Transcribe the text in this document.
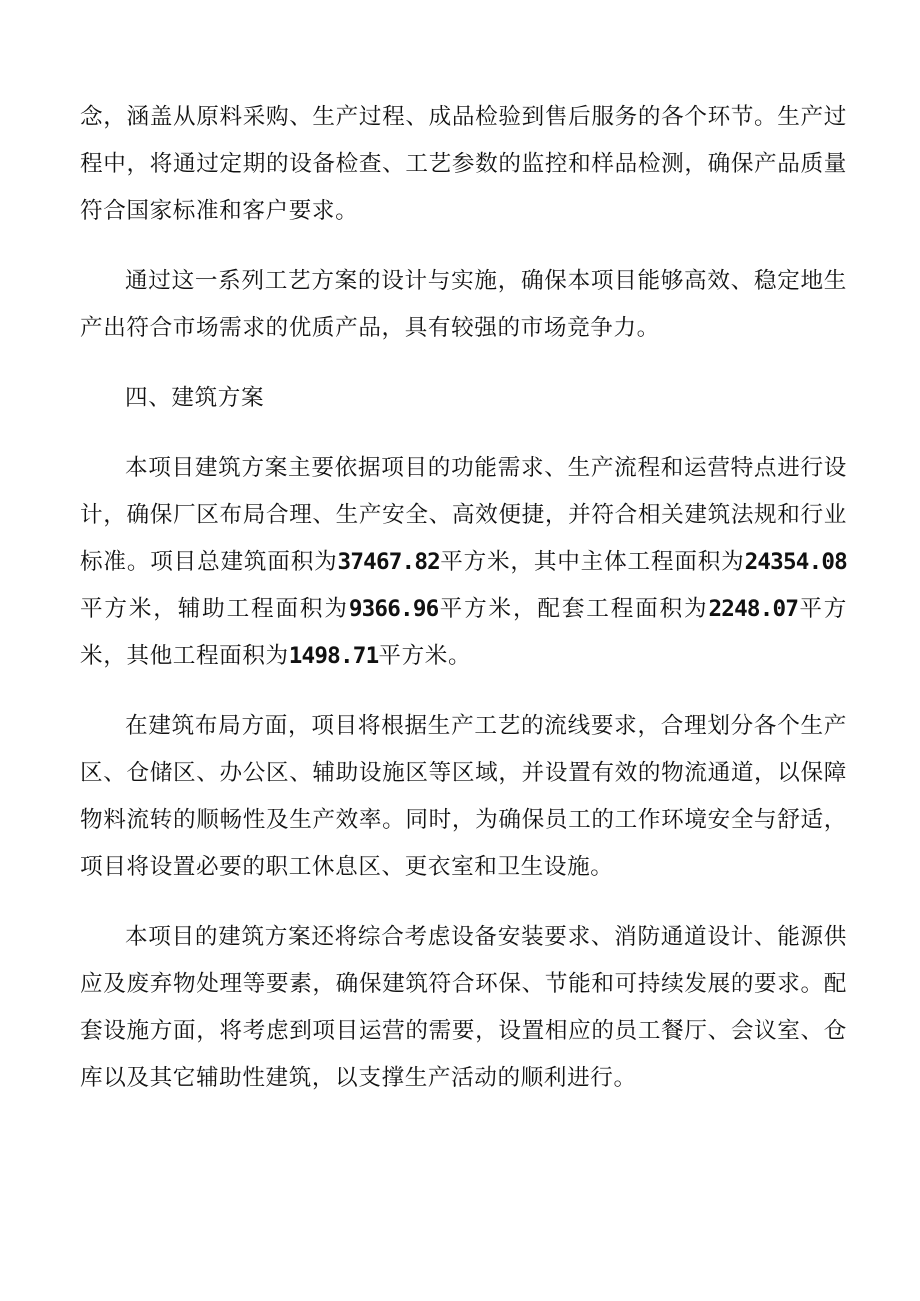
念，涵盖从原料采购、生产过程、成品检验到售后服务的各个环节。生产过程中，将通过定期的设备检查、工艺参数的监控和样品检测，确保产品质量符合国家标准和客户要求。

通过这一系列工艺方案的设计与实施，确保本项目能够高效、稳定地生产出符合市场需求的优质产品，具有较强的市场竞争力。

四、建筑方案

本项目建筑方案主要依据项目的功能需求、生产流程和运营特点进行设计，确保厂区布局合理、生产安全、高效便捷，并符合相关建筑法规和行业标准。项目总建筑面积为37467.82平方米，其中主体工程面积为24354.08平方米，辅助工程面积为9366.96平方米，配套工程面积为2248.07平方米，其他工程面积为1498.71平方米。

在建筑布局方面，项目将根据生产工艺的流线要求，合理划分各个生产区、仓储区、办公区、辅助设施区等区域，并设置有效的物流通道，以保障物料流转的顺畅性及生产效率。同时，为确保员工的工作环境安全与舒适，项目将设置必要的职工休息区、更衣室和卫生设施。

本项目的建筑方案还将综合考虑设备安装要求、消防通道设计、能源供应及废弃物处理等要素，确保建筑符合环保、节能和可持续发展的要求。配套设施方面，将考虑到项目运营的需要，设置相应的员工餐厅、会议室、仓库以及其它辅助性建筑，以支撑生产活动的顺利进行。
